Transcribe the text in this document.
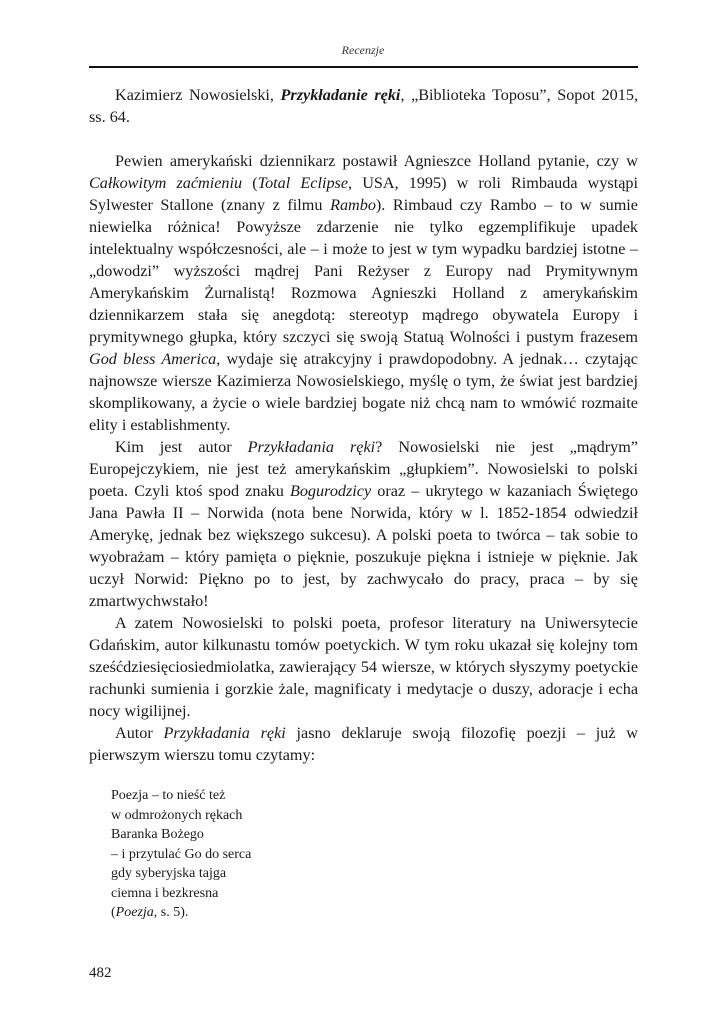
Recenzje

Kazimierz Nowosielski, Przykładanie ręki, „Biblioteka Toposu”, Sopot 2015, ss. 64.

Pewien amerykański dziennikarz postawił Agnieszce Holland pytanie, czy w Całkowitym zaćmieniu (Total Eclipse, USA, 1995) w roli Rimbauda wystąpi Sylwester Stallone (znany z filmu Rambo). Rimbaud czy Rambo – to w sumie niewielka różnica! Powyższe zdarzenie nie tylko egzemplifikuje upadek intelektualny współczesności, ale – i może to jest w tym wypadku bardziej istotne – „dowodzi” wyższości mądrej Pani Reżyser z Europy nad Prymitywnym Amerykańskim Żurnalistą! Rozmowa Agnieszki Holland z amerykańskim dziennikarzem stała się anegdotą: stereotyp mądrego obywatela Europy i prymitywnego głupka, który szczyci się swoją Statuą Wolności i pustym frazesem God bless America, wydaje się atrakcyjny i prawdopodobny. A jednak… czytając najnowsze wiersze Kazimierza Nowosielskiego, myślę o tym, że świat jest bardziej skomplikowany, a życie o wiele bardziej bogate niż chcą nam to wmówić rozmaite elity i establishmenty.

Kim jest autor Przykładania ręki? Nowosielski nie jest „mądrym” Europejczykiem, nie jest też amerykańskim „głupkiem”. Nowosielski to polski poeta. Czyli ktoś spod znaku Bogurodzicy oraz – ukrytego w kazaniach Świętego Jana Pawła II – Norwida (nota bene Norwida, który w l. 1852-1854 odwiedził Amerykę, jednak bez większego sukcesu). A polski poeta to twórca – tak sobie to wyobrażam – który pamięta o pięknie, poszukuje piękna i istnieje w pięknie. Jak uczył Norwid: Piękno po to jest, by zachwycało do pracy, praca – by się zmartwychwstało!

A zatem Nowosielski to polski poeta, profesor literatury na Uniwersytecie Gdańskim, autor kilkunastu tomów poetyckich. W tym roku ukazał się kolejny tom sześćdziesięciosiedmiolatka, zawierający 54 wiersze, w których słyszymy poetyckie rachunki sumienia i gorzkie żale, magnificaty i medytacje o duszy, adoracje i echa nocy wigilijnej.

Autor Przykładania ręki jasno deklaruje swoją filozofię poezji – już w pierwszym wierszu tomu czytamy:

Poezja – to nieść też
w odmrożonych rękach
Baranka Bożego
– i przytulać Go do serca
gdy syberyjska tajga
ciemna i bezkresna
(Poezja, s. 5).
482
